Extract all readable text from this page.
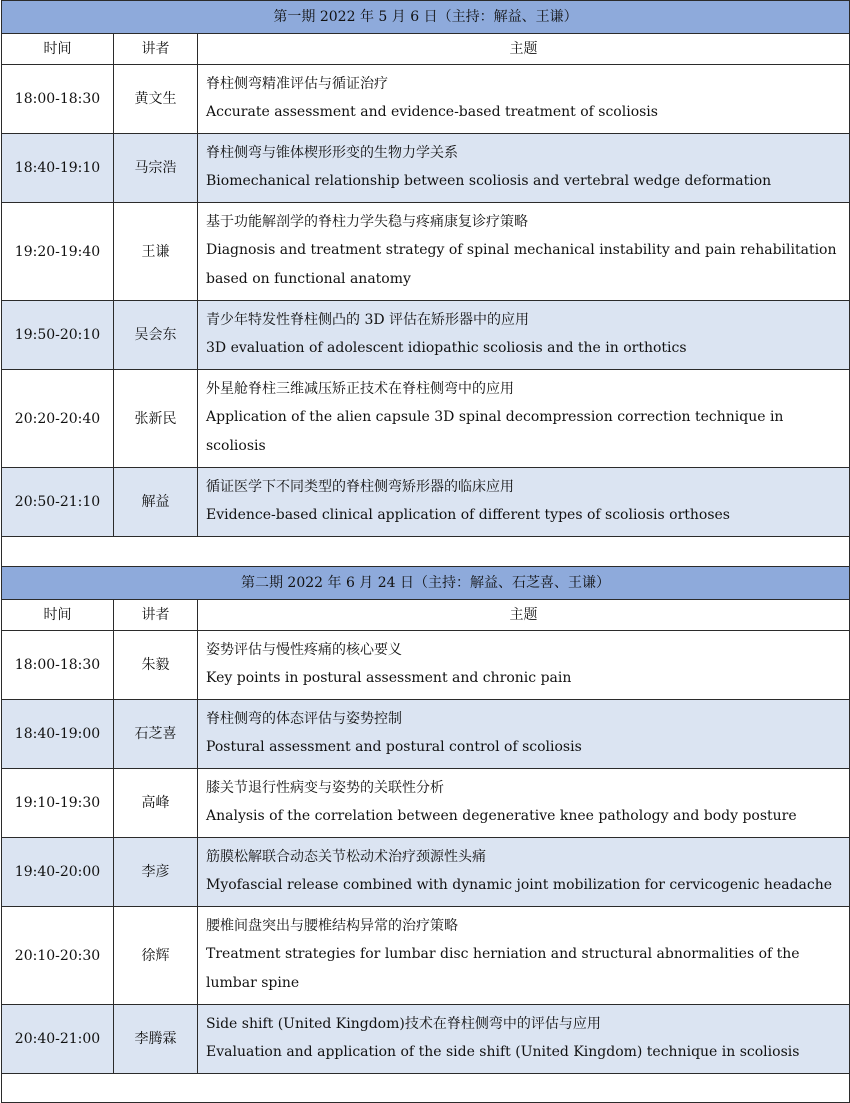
第一期 2022 年 5 月 6 日（主持：解益、王谦）		
时间	讲者	主题
18:00-18:30	黄文生	脊柱侧弯精准评估与循证治疗
Accurate assessment and evidence-based treatment of scoliosis

18:40-19:10	马宗浩	脊柱侧弯与锥体楔形形变的生物力学关系
Biomechanical relationship between scoliosis and vertebral wedge deformation

19:20-19:40	王谦	基于功能解剖学的脊柱力学失稳与疼痛康复诊疗策略
Diagnosis and treatment strategy of spinal mechanical instability and pain rehabilitation based on functional anatomy

19:50-20:10	吴会东	青少年特发性脊柱侧凸的 3D 评估在矫形器中的应用
3D evaluation of adolescent idiopathic scoliosis and the in orthotics

20:20-20:40	张新民	外星舱脊柱三维减压矫正技术在脊柱侧弯中的应用
Application of the alien capsule 3D spinal decompression correction technique in scoliosis

20:50-21:10	解益	循证医学下不同类型的脊柱侧弯矫形器的临床应用
Evidence-based clinical application of different types of scoliosis orthoses

第二期 2022 年 6 月 24 日（主持：解益、石芝喜、王谦）		
时间	讲者	主题
18:00-18:30	朱毅	姿势评估与慢性疼痛的核心要义
Key points in postural assessment and chronic pain

18:40-19:00	石芝喜	脊柱侧弯的体态评估与姿势控制
Postural assessment and postural control of scoliosis

19:10-19:30	高峰	膝关节退行性病变与姿势的关联性分析
Analysis of the correlation between degenerative knee pathology and body posture

19:40-20:00	李彦	筋膜松解联合动态关节松动术治疗颈源性头痛
Myofascial release combined with dynamic joint mobilization for cervicogenic headache

20:10-20:30	徐辉	腰椎间盘突出与腰椎结构异常的治疗策略
Treatment strategies for lumbar disc herniation and structural abnormalities of the lumbar spine

20:40-21:00	李腾霖	Side shift (United Kingdom)技术在脊柱侧弯中的评估与应用
Evaluation and application of the side shift (United Kingdom) technique in scoliosis
